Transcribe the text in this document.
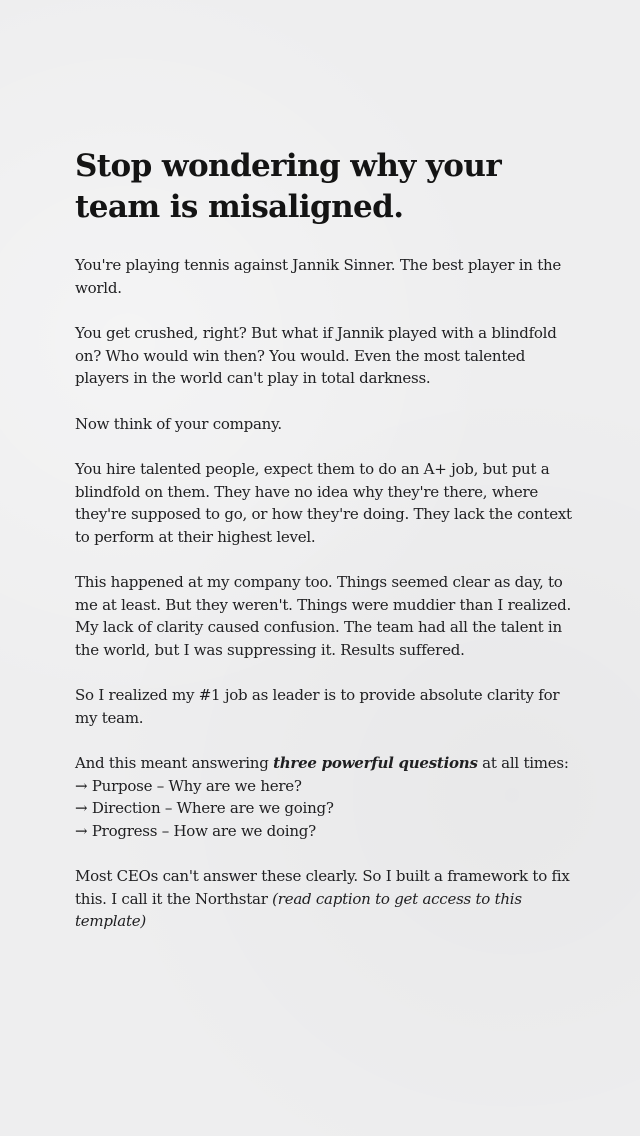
Stop wondering why your team is misaligned.

You're playing tennis against Jannik Sinner. The best player in the world.

You get crushed, right? But what if Jannik played with a blindfold on? Who would win then? You would. Even the most talented players in the world can't play in total darkness.

Now think of your company.

You hire talented people, expect them to do an A+ job, but put a blindfold on them. They have no idea why they're there, where they're supposed to go, or how they're doing. They lack the context to perform at their highest level.

This happened at my company too. Things seemed clear as day, to me at least. But they weren't. Things were muddier than I realized. My lack of clarity caused confusion. The team had all the talent in the world, but I was suppressing it. Results suffered.

So I realized my #1 job as leader is to provide absolute clarity for my team.

And this meant answering three powerful questions at all times:
→ Purpose – Why are we here?
→ Direction – Where are we going?
→ Progress – How are we doing?

Most CEOs can't answer these clearly. So I built a framework to fix this. I call it the Northstar (read caption to get access to this template)
